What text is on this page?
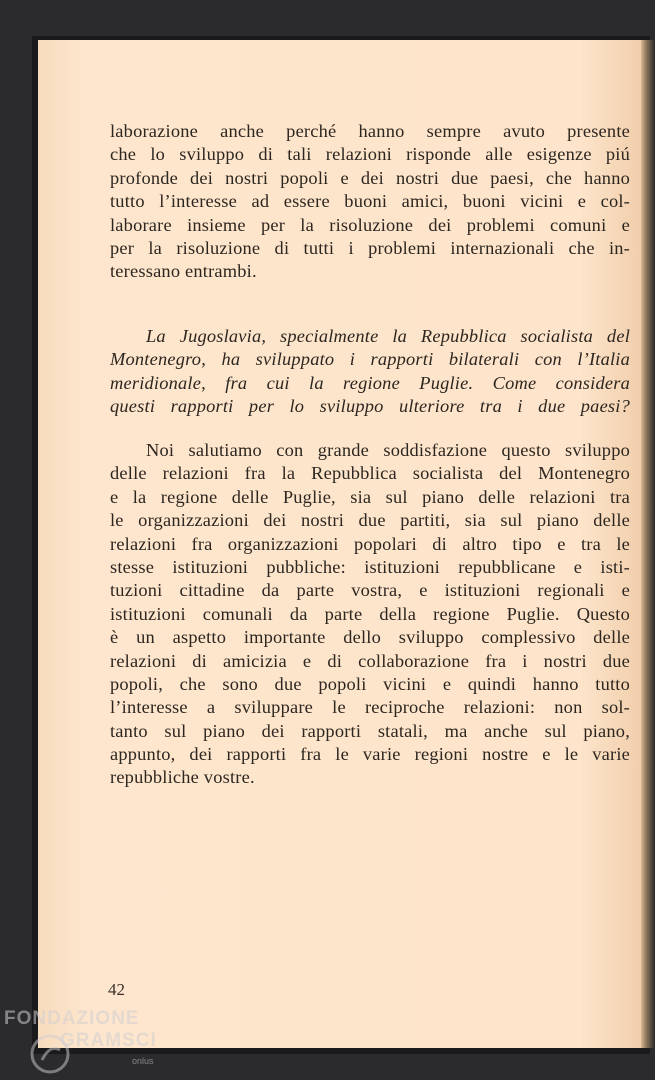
laborazione anche perché hanno sempre avuto presente
che lo sviluppo di tali relazioni risponde alle esigenze piú
profonde dei nostri popoli e dei nostri due paesi, che hanno
tutto l’interesse ad essere buoni amici, buoni vicini e col-
laborare insieme per la risoluzione dei problemi comuni e
per la risoluzione di tutti i problemi internazionali che in-
teressano entrambi.
La Jugoslavia, specialmente la Repubblica socialista del
Montenegro, ha sviluppato i rapporti bilaterali con l’Italia
meridionale, fra cui la regione Puglie. Come considera
questi rapporti per lo sviluppo ulteriore tra i due paesi?
Noi salutiamo con grande soddisfazione questo sviluppo
delle relazioni fra la Repubblica socialista del Montenegro
e la regione delle Puglie, sia sul piano delle relazioni tra
le organizzazioni dei nostri due partiti, sia sul piano delle
relazioni fra organizzazioni popolari di altro tipo e tra le
stesse istituzioni pubbliche: istituzioni repubblicane e isti-
tuzioni cittadine da parte vostra, e istituzioni regionali e
istituzioni comunali da parte della regione Puglie. Questo
è un aspetto importante dello sviluppo complessivo delle
relazioni di amicizia e di collaborazione fra i nostri due
popoli, che sono due popoli vicini e quindi hanno tutto
l’interesse a sviluppare le reciproche relazioni: non sol-
tanto sul piano dei rapporti statali, ma anche sul piano,
appunto, dei rapporti fra le varie regioni nostre e le varie
repubbliche vostre.
42
FONDAZIONE
GRAMSCI
onlus
